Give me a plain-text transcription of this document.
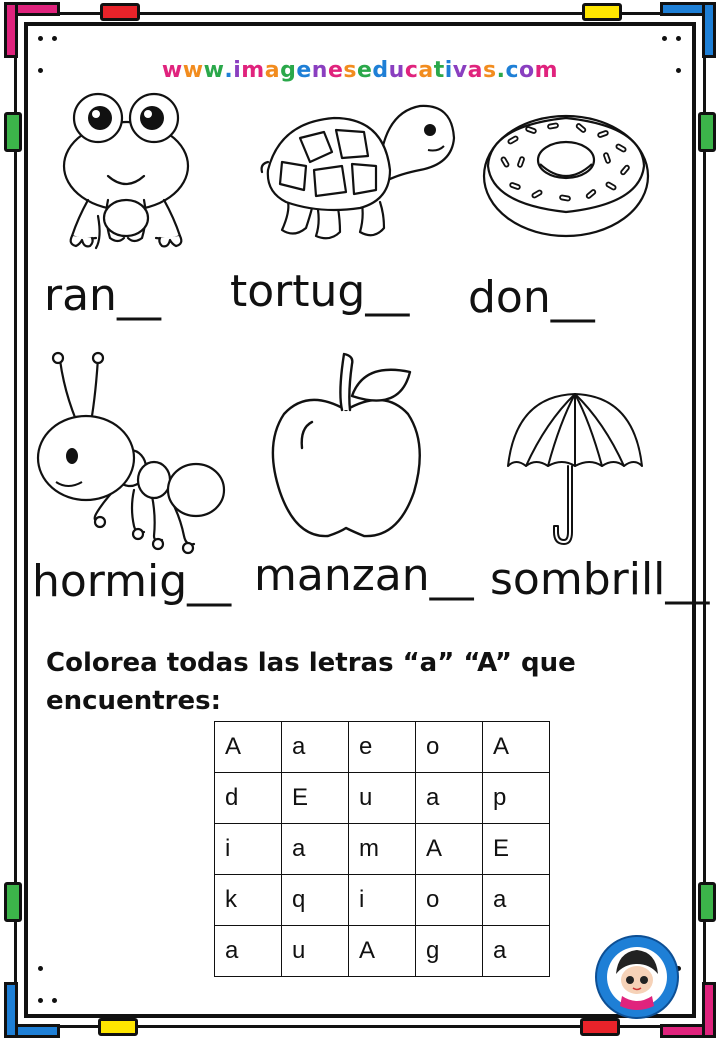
www.imageneseducativas.com
ran__ tortug__ don__
hormig__ manzan__ sombrill__
Colorea todas las letras “a” “A” que
encuentres:
A	a	e	o	A
d	E	u	a	p
i	a	m	A	E
k	q	i	o	a
a	u	A	g	a
